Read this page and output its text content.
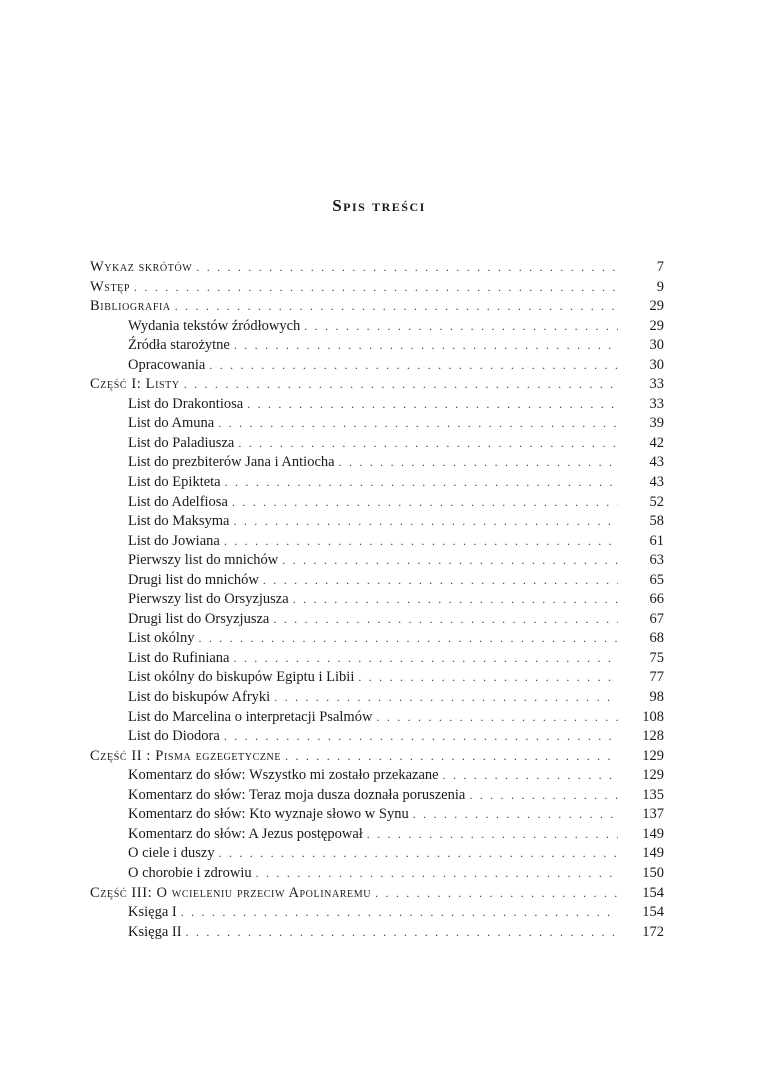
Spis treści
Wykaz skrótów . . .	7
Wstęp . . .	9
Bibliografia . . .	29
Wydania tekstów źródłowych . . .	29
Źródła starożytne . . .	30
Opracowania . . .	30
Część I: Listy . . .	33
List do Drakontiosa . . .	33
List do Amuna . . .	39
List do Paladiusza . . .	42
List do prezbiterów Jana i Antiocha . . .	43
List do Epikteta . . .	43
List do Adelfiosa . . .	52
List do Maksyma . . .	58
List do Jowiana . . .	61
Pierwszy list do mnichów . . .	63
Drugi list do mnichów . . .	65
Pierwszy list do Orsyzjusza . . .	66
Drugi list do Orsyzjusza . . .	67
List okólny . . .	68
List do Rufiniana . . .	75
List okólny do biskupów Egiptu i Libii . . .	77
List do biskupów Afryki . . .	98
List do Marcelina o interpretacji Psalmów . . .	108
List do Diodora . . .	128
Część II : Pisma egzegetyczne . . .	129
Komentarz do słów: Wszystko mi zostało przekazane . . .	129
Komentarz do słów: Teraz moja dusza doznała poruszenia . . .	135
Komentarz do słów: Kto wyznaje słowo w Synu . . .	137
Komentarz do słów: A Jezus postępował . . .	149
O ciele i duszy . . .	149
O chorobie i zdrowiu . . .	150
Część III: O wcieleniu przeciw Apolinaremu . . .	154
Księga I . . .	154
Księga II . . .	172
